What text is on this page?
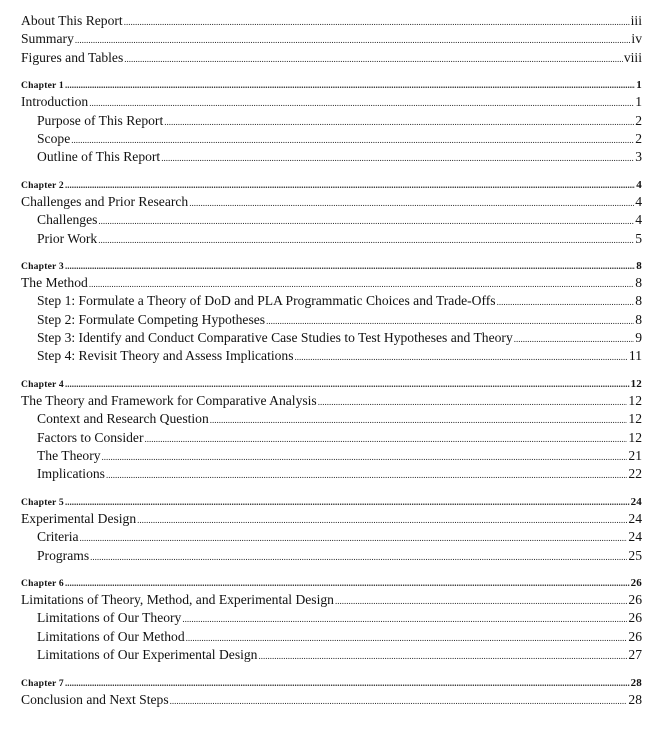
About This Report .....	iii
Summary .....	iv
Figures and Tables .....	viii
Chapter 1 .....	1
Introduction .....	1
Purpose of This Report .....	2
Scope .....	2
Outline of This Report .....	3
Chapter 2 .....	4
Challenges and Prior Research .....	4
Challenges .....	4
Prior Work .....	5
Chapter 3 .....	8
The Method .....	8
Step 1: Formulate a Theory of DoD and PLA Programmatic Choices and Trade-Offs .....	8
Step 2: Formulate Competing Hypotheses .....	8
Step 3: Identify and Conduct Comparative Case Studies to Test Hypotheses and Theory .....	9
Step 4: Revisit Theory and Assess Implications .....	11
Chapter 4 .....	12
The Theory and Framework for Comparative Analysis .....	12
Context and Research Question .....	12
Factors to Consider .....	12
The Theory .....	21
Implications .....	22
Chapter 5 .....	24
Experimental Design .....	24
Criteria .....	24
Programs .....	25
Chapter 6 .....	26
Limitations of Theory, Method, and Experimental Design .....	26
Limitations of Our Theory .....	26
Limitations of Our Method .....	26
Limitations of Our Experimental Design .....	27
Chapter 7 .....	28
Conclusion and Next Steps .....	28
